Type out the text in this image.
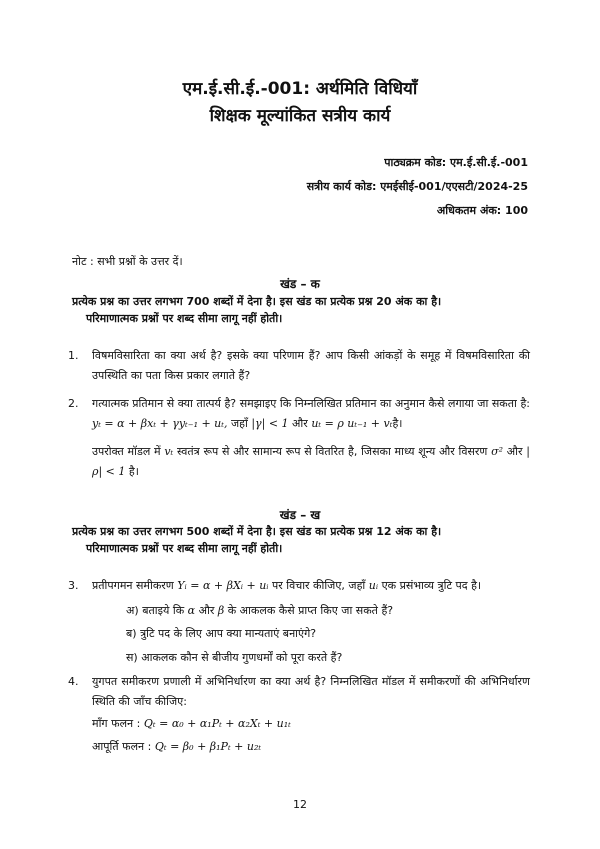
एम.ई.सी.ई.-001: अर्थमिति विधियाँ
शिक्षक मूल्यांकित सत्रीय कार्य
पाठ्यक्रम कोड: एम.ई.सी.ई.-001
सत्रीय कार्य कोड: एमईसीई-001/एएसटी/2024-25
अधिकतम अंक: 100
नोट : सभी प्रश्नों के उत्तर दें।
खंड – क
प्रत्येक प्रश्न का उत्तर लगभग 700 शब्दों में देना है। इस खंड का प्रत्येक प्रश्न 20 अंक का है।
परिमाणात्मक प्रश्नों पर शब्द सीमा लागू नहीं होती।
1. विषमविसारिता का क्या अर्थ है? इसके क्या परिणाम हैं? आप किसी आंकड़ों के समूह में विषमविसारिता की उपस्थिति का पता किस प्रकार लगाते हैं?
2. गत्यात्मक प्रतिमान से क्या तात्पर्य है? समझाइए कि निम्नलिखित प्रतिमान का अनुमान कैसे लगाया जा सकता है: yₜ = α + βxₜ + γyₜ₋₁ + uₜ, जहाँ |γ| < 1 और uₜ = ρ uₜ₋₁ + vₜहै।
उपरोक्त मॉडल में vₜ स्वतंत्र रूप से और सामान्य रूप से वितरित है, जिसका माध्य शून्य और विसरण σ² और |ρ| < 1 है।
खंड – ख
प्रत्येक प्रश्न का उत्तर लगभग 500 शब्दों में देना है। इस खंड का प्रत्येक प्रश्न 12 अंक का है।
परिमाणात्मक प्रश्नों पर शब्द सीमा लागू नहीं होती।
3. प्रतीपगमन समीकरण Yᵢ = α + βXᵢ + uᵢ पर विचार कीजिए, जहाँ uᵢ एक प्रसंभाव्य त्रुटि पद है।
अ) बताइये कि α और β के आकलक कैसे प्राप्त किए जा सकते हैं?
ब) त्रुटि पद के लिए आप क्या मान्यताएं बनाएंगे?
स) आकलक कौन से बीजीय गुणधर्मों को पूरा करते हैं?
4. युगपत समीकरण प्रणाली में अभिनिर्धारण का क्या अर्थ है? निम्नलिखित मॉडल में समीकरणों की अभिनिर्धारण स्थिति की जाँच कीजिए:
माँग फलन : Qₜ = α₀ + α₁Pₜ + α₂Xₜ + u₁ₜ
आपूर्ति फलन : Qₜ = β₀ + β₁Pₜ + u₂ₜ
12
